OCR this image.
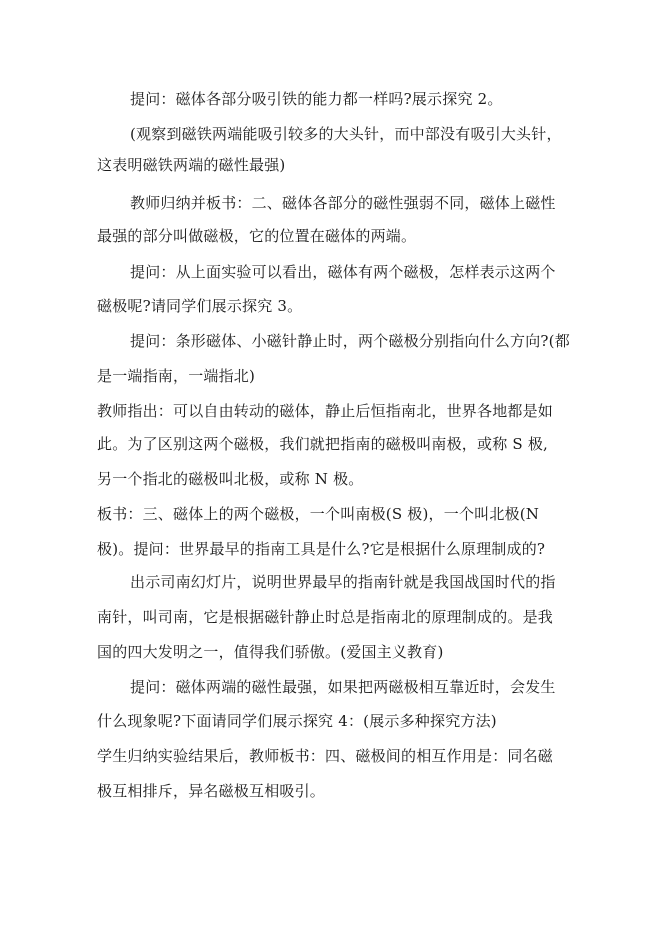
提问：磁体各部分吸引铁的能力都一样吗?展示探究 2。
(观察到磁铁两端能吸引较多的大头针，而中部没有吸引大头针，
这表明磁铁两端的磁性最强)
教师归纳并板书：二、磁体各部分的磁性强弱不同，磁体上磁性
最强的部分叫做磁极，它的位置在磁体的两端。
提问：从上面实验可以看出，磁体有两个磁极，怎样表示这两个
磁极呢?请同学们展示探究 3。
提问：条形磁体、小磁针静止时，两个磁极分别指向什么方向?(都
是一端指南，一端指北)
教师指出：可以自由转动的磁体，静止后恒指南北，世界各地都是如
此。为了区别这两个磁极，我们就把指南的磁极叫南极，或称 S 极,
另一个指北的磁极叫北极，或称 N 极。
板书：三、磁体上的两个磁极，一个叫南极(S 极)，一个叫北极(N
极)。提问：世界最早的指南工具是什么?它是根据什么原理制成的?
出示司南幻灯片，说明世界最早的指南针就是我国战国时代的指
南针，叫司南，它是根据磁针静止时总是指南北的原理制成的。是我
国的四大发明之一，值得我们骄傲。(爱国主义教育)
提问：磁体两端的磁性最强，如果把两磁极相互靠近时，会发生
什么现象呢?下面请同学们展示探究 4：(展示多种探究方法)
学生归纳实验结果后，教师板书：四、磁极间的相互作用是：同名磁
极互相排斥，异名磁极互相吸引。
